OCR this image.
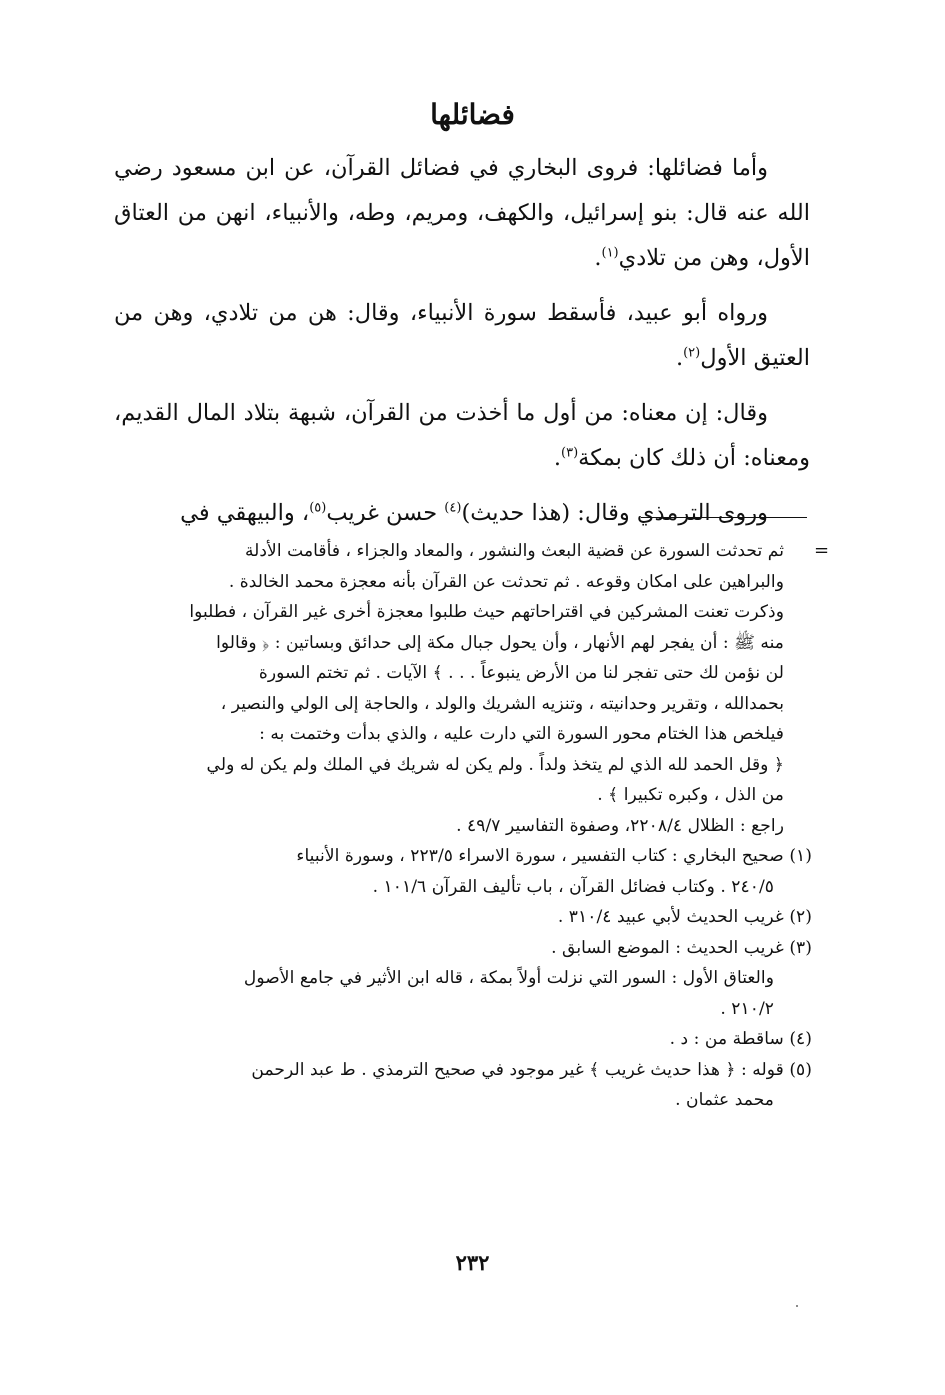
فضائلها

وأما فضائلها: فروى البخاري في فضائل القرآن، عن ابن مسعود رضي الله عنه قال: بنو إسرائيل، والكهف، ومريم، وطه، والأنبياء، انهن من العتاق الأول، وهن من تلادي$^{(١)}$.

ورواه أبو عبيد، فأسقط سورة الأنبياء، وقال: هن من تلادي، وهن من العتيق الأول$^{(٢)}$.

وقال: إن معناه: من أول ما أخذت من القرآن، شبهة بتلاد المال القديم، ومعناه: أن ذلك كان بمكة$^{(٣)}$.

وروى الترمذي وقال: (هذا حديث)$^{(٤)}$ حسن غريب$^{(٥)}$، والبيهقي في

=
ثم تحدثت السورة عن قضية البعث والنشور ، والمعاد والجزاء ، فأقامت الأدلة
والبراهين على امكان وقوعه . ثم تحدثت عن القرآن بأنه معجزة محمد الخالدة .
وذكرت تعنت المشركين في اقتراحاتهم حيث طلبوا معجزة أخرى غير القرآن ، فطلبوا
منه ﷺ : أن يفجر لهم الأنهار ، وأن يحول جبال مكة إلى حدائق وبساتين : ﴿ وقالوا
لن نؤمن لك حتى تفجر لنا من الأرض ينبوعاً . . . ﴾ الآيات . ثم تختم السورة
بحمدالله ، وتقرير وحدانيته ، وتنزيه الشريك والولد ، والحاجة إلى الولي والنصير ،
فيلخص هذا الختام محور السورة التي دارت عليه ، والذي بدأت وختمت به :
﴿ وقل الحمد لله الذي لم يتخذ ولداً . ولم يكن له شريك في الملك ولم يكن له ولي
من الذل ، وكبره تكبيرا ﴾ .
راجع : الظلال ٢٢٠٨/٤، وصفوة التفاسير ٤٩/٧ .
(١) صحيح البخاري : كتاب التفسير ، سورة الاسراء ٢٢٣/٥ ، وسورة الأنبياء
٢٤٠/٥ . وكتاب فضائل القرآن ، باب تأليف القرآن ١٠١/٦ .
(٢) غريب الحديث لأبي عبيد ٣١٠/٤ .
(٣) غريب الحديث : الموضع السابق .
والعتاق الأول : السور التي نزلت أولاً بمكة ، قاله ابن الأثير في جامع الأصول
٢١٠/٢ .
(٤) ساقطة من : د .
(٥) قوله : ﴿ هذا حديث غريب ﴾ غير موجود في صحيح الترمذي . ط عبد الرحمن
محمد عثمان .
٢٣٢
